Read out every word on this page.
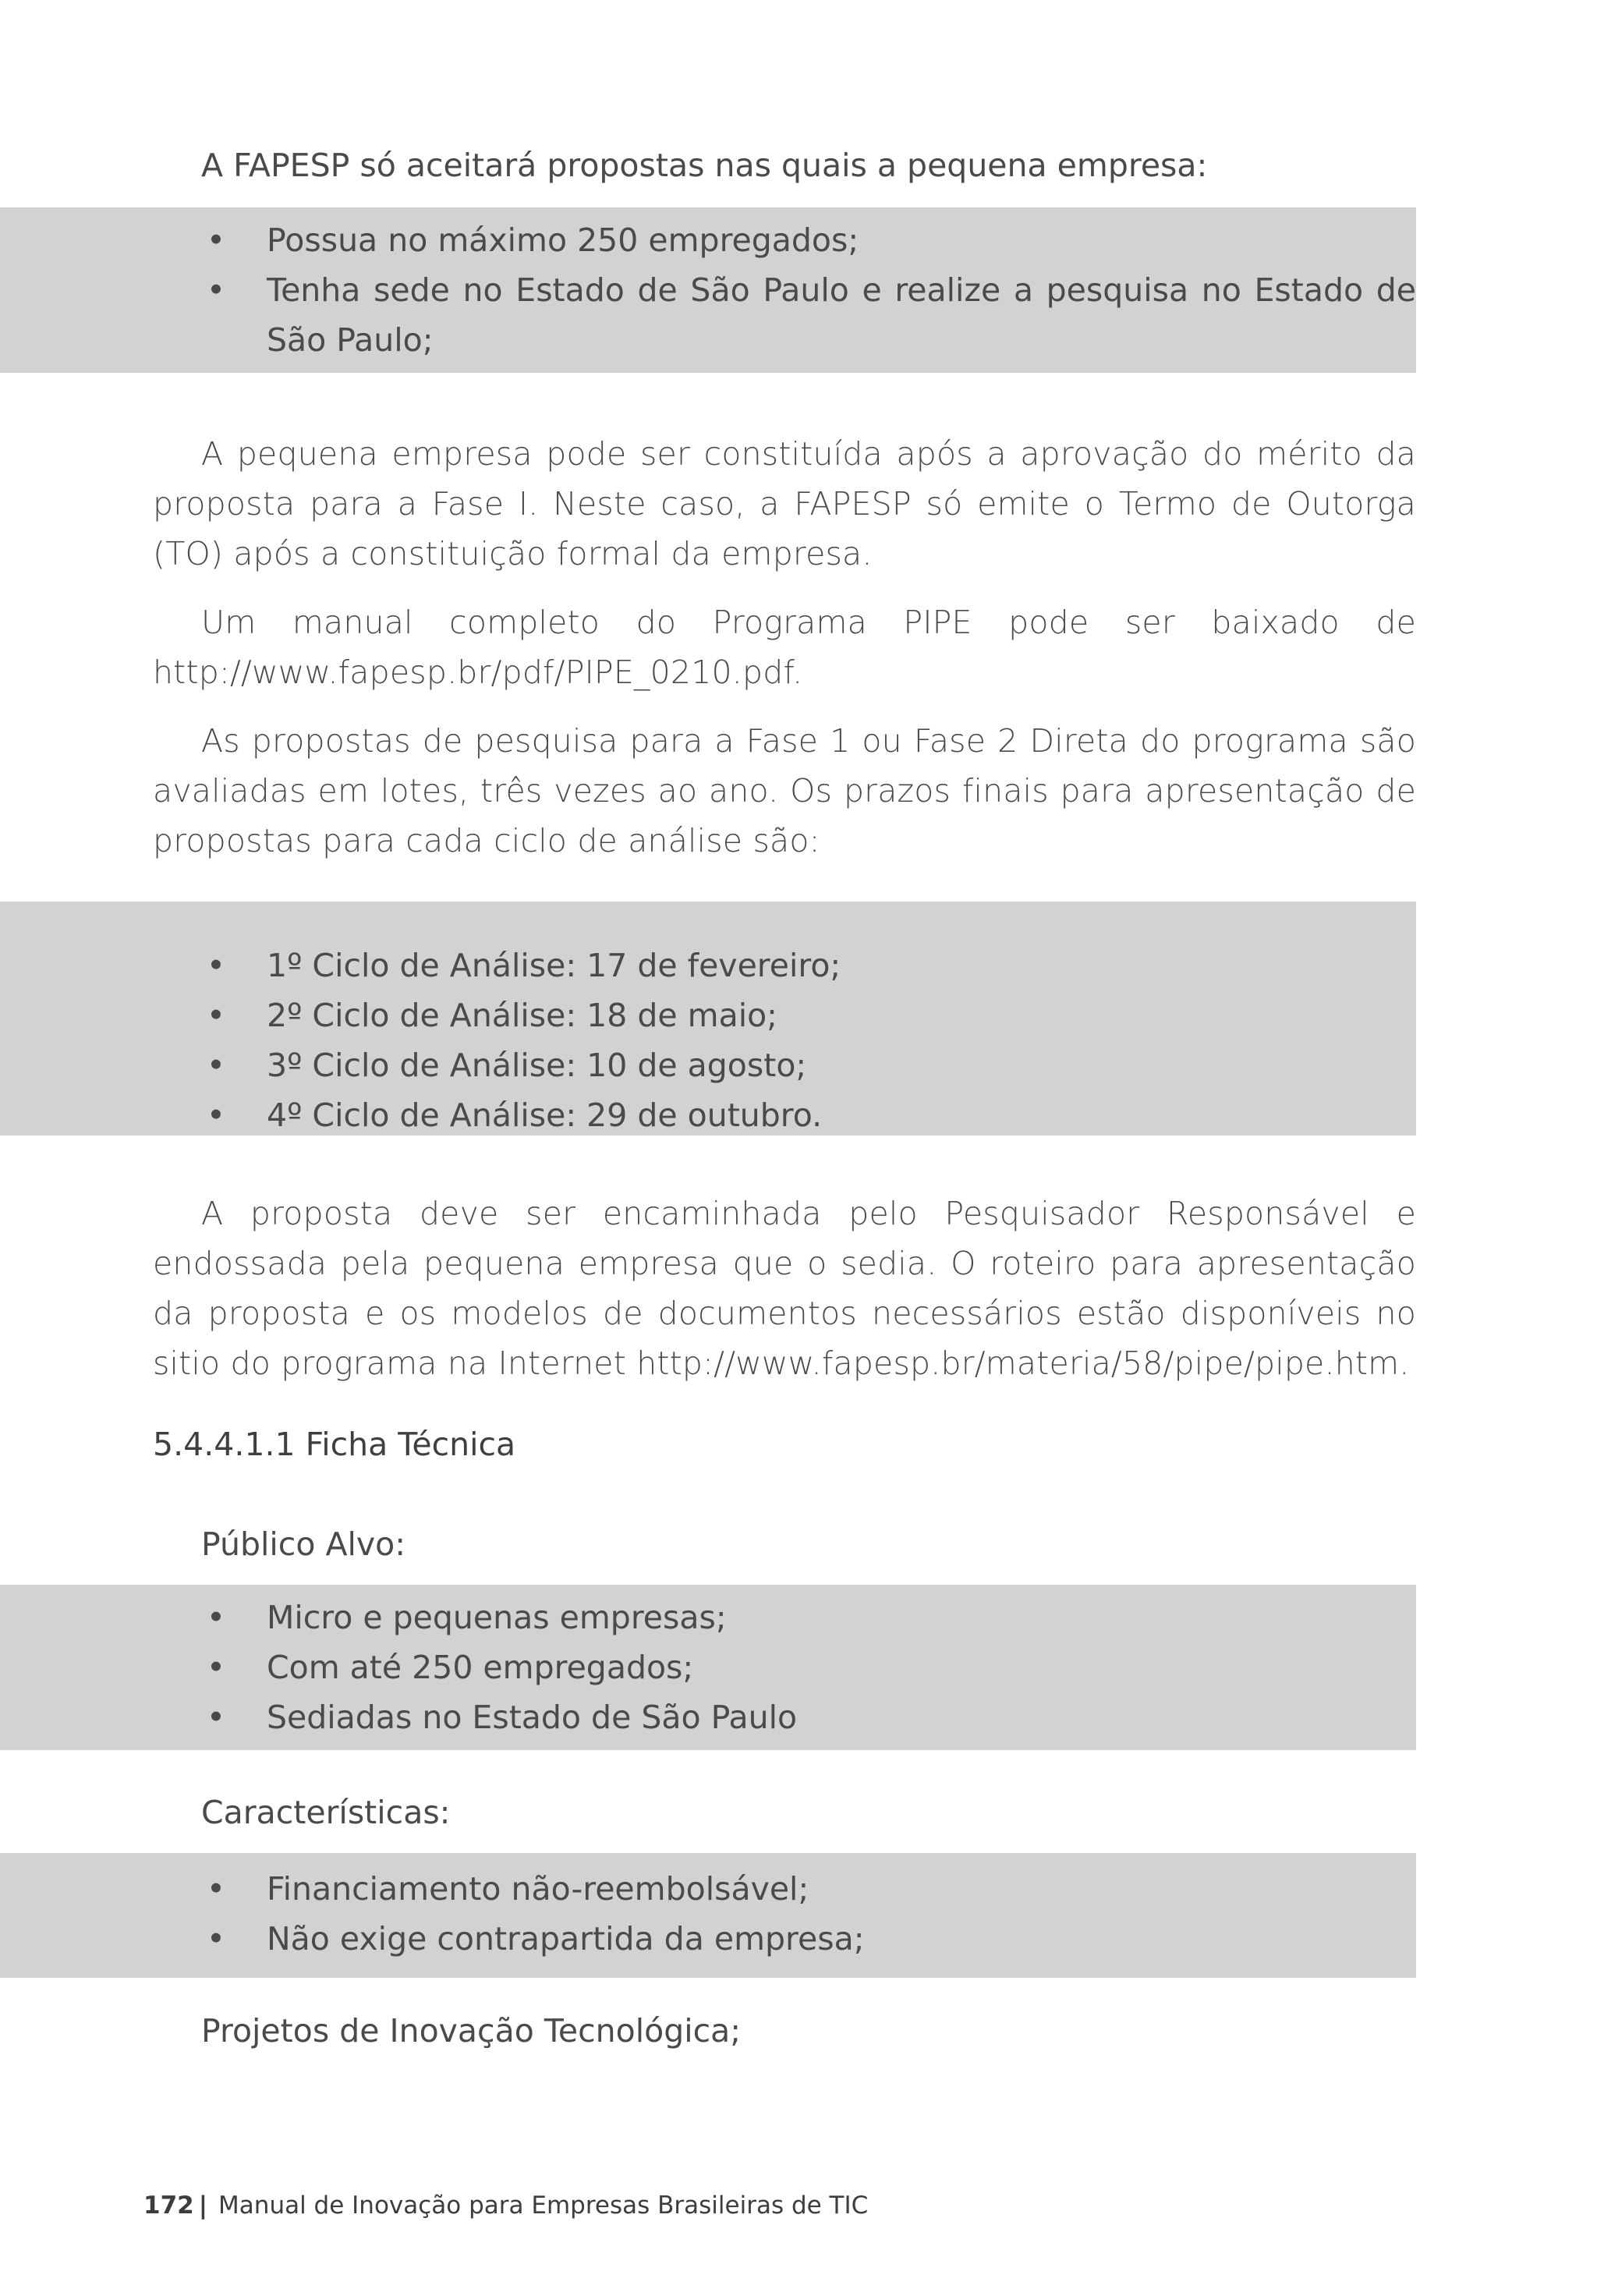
A FAPESP só aceitará propostas nas quais a pequena empresa:

• Possua no máximo 250 empregados;
• Tenha sede no Estado de São Paulo e realize a pesquisa no Estado de São Paulo;

A pequena empresa pode ser constituída após a aprovação do mérito da proposta para a Fase I. Neste caso, a FAPESP só emite o Termo de Outorga (TO) após a constituição formal da empresa.

Um manual completo do Programa PIPE pode ser baixado de http://www.fapesp.br/pdf/PIPE_0210.pdf.

As propostas de pesquisa para a Fase 1 ou Fase 2 Direta do programa são avaliadas em lotes, três vezes ao ano. Os prazos finais para apresentação de propostas para cada ciclo de análise são:

• 1º Ciclo de Análise: 17 de fevereiro;
• 2º Ciclo de Análise: 18 de maio;
• 3º Ciclo de Análise: 10 de agosto;
• 4º Ciclo de Análise: 29 de outubro.

A proposta deve ser encaminhada pelo Pesquisador Responsável e endossada pela pequena empresa que o sedia. O roteiro para apresentação da proposta e os modelos de documentos necessários estão disponíveis no sitio do programa na Internet http://www.fapesp.br/materia/58/pipe/pipe.htm.

5.4.4.1.1 Ficha Técnica

Público Alvo:

• Micro e pequenas empresas;
• Com até 250 empregados;
• Sediadas no Estado de São Paulo

Características:

• Financiamento não-reembolsável;
• Não exige contrapartida da empresa;

Projetos de Inovação Tecnológica;

172 | Manual de Inovação para Empresas Brasileiras de TIC
